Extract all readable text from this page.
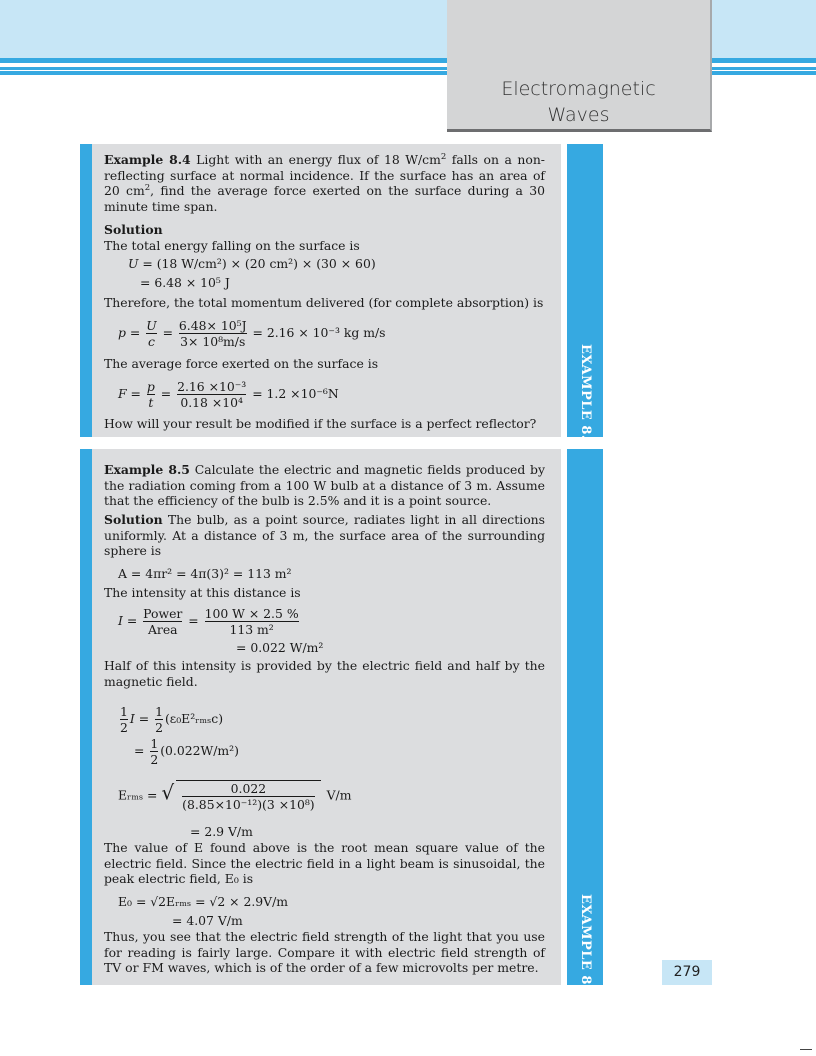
Electromagnetic
Waves
EXAMPLE 8.4
Example 8.4 Light with an energy flux of 18 $W/cm^2$ falls on a non-reflecting surface at normal incidence. If the surface has an area of 20 $cm^2$, find the average force exerted on the surface during a 30 minute time span.
Solution
The total energy falling on the surface is
U = (18 W/cm²) × (20 cm²) × (30 × 60)
= 6.48 × 10⁵ J
Therefore, the total momentum delivered (for complete absorption) is
$p = \frac{U}{c} = \frac{\text{6.48× 10⁵J}}{\text{3× 10⁸m/s}} = 2.16 \times 10^{-3}$ kg m/s
The average force exerted on the surface is
$F = \frac{p}{t} = \frac{\text{2.16 ×10⁻³}}{\text{0.18 ×10⁴}} = 1.2 \times 10^{-6}N$
How will your result be modified if the surface is a perfect reflector?
EXAMPLE 8.5
Example 8.5 Calculate the electric and magnetic fields produced by the radiation coming from a 100 W bulb at a distance of 3 m. Assume that the efficiency of the bulb is 2.5% and it is a point source.
Solution The bulb, as a point source, radiates light in all directions uniformly. At a distance of 3 m, the surface area of the surrounding sphere is
A = 4πr² = 4π(3)² = 113 m²
The intensity at this distance is
$I = \frac{\text{Power}}{\text{Area}} = \frac{100 W \times 2.5 \%}{\text{113 m²}}$
= 0.022 W/m²
Half of this intensity is provided by the electric field and half by the magnetic field.
$\frac{1}{2}$ $I = \frac{1}{2}$ (ε₀E²ᵣₘₛc)
= $\frac{1}{2} (0.022W/m^2)$
Eᵣₘₛ = √ $\frac{0.022}{\text{(8.85×10⁻¹²)(3 ×10⁸)}} V/m$
= 2.9 V/m
The value of E found above is the root mean square value of the electric field. Since the electric field in a light beam is sinusoidal, the peak electric field, E₀ is
E₀ = √2Eᵣₘₛ = √2 × 2.9V/m
= 4.07 V/m
Thus, you see that the electric field strength of the light that you use for reading is fairly large. Compare it with electric field strength of TV or FM waves, which is of the order of a few microvolts per metre.	279
